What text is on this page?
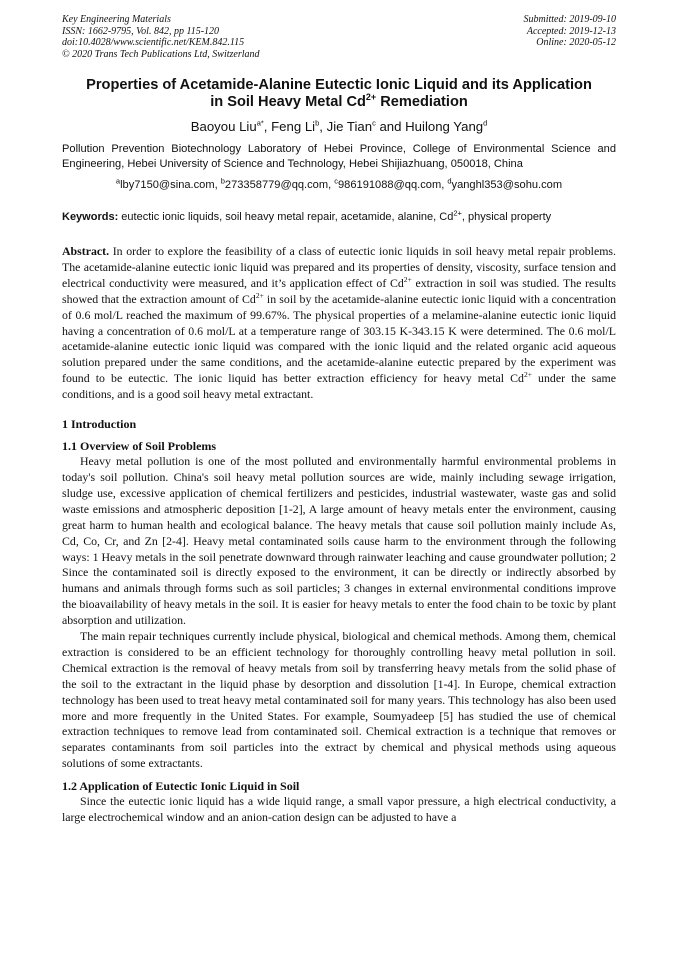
Key Engineering Materials
ISSN: 1662-9795, Vol. 842, pp 115-120
doi:10.4028/www.scientific.net/KEM.842.115
© 2020 Trans Tech Publications Ltd, Switzerland
Submitted: 2019-09-10
Accepted: 2019-12-13
Online: 2020-05-12
Properties of Acetamide-Alanine Eutectic Ionic Liquid and its Application
in Soil Heavy Metal $Cd^{2+}$ Remediation
Baoyou Liu$^{a*}$, Feng Li$^b$, Jie Tian$^c$ and Huilong Yang$^d$
Pollution Prevention Biotechnology Laboratory of Hebei Province, College of Environmental Science and Engineering, Hebei University of Science and Technology, Hebei Shijiazhuang, 050018, China
$^a$lby7150@sina.com, $^b$273358779@qq.com, $^c$986191088@qq.com, $^d$yanghl353@sohu.com
Keywords: eutectic ionic liquids, soil heavy metal repair, acetamide, alanine, $Cd^{2+}$, physical property
Abstract. In order to explore the feasibility of a class of eutectic ionic liquids in soil heavy metal repair problems. The acetamide-alanine eutectic ionic liquid was prepared and its properties of density, viscosity, surface tension and electrical conductivity were measured, and it’s application effect of $Cd^{2+}$ extraction in soil was studied. The results showed that the extraction amount of $Cd^{2+}$ in soil by the acetamide-alanine eutectic ionic liquid with a concentration of 0.6 mol/L reached the maximum of 99.67%. The physical properties of a melamine-alanine eutectic ionic liquid having a concentration of 0.6 mol/L at a temperature range of 303.15 K-343.15 K were determined. The 0.6 mol/L acetamide-alanine eutectic ionic liquid was compared with the ionic liquid and the related organic acid aqueous solution prepared under the same conditions, and the acetamide-alanine eutectic prepared by the experiment was found to be eutectic. The ionic liquid has better extraction efficiency for heavy metal $Cd^{2+}$ under the same conditions, and is a good soil heavy metal extractant.
1 Introduction
1.1 Overview of Soil Problems

Heavy metal pollution is one of the most polluted and environmentally harmful environmental problems in today's soil pollution. China's soil heavy metal pollution sources are wide, mainly including sewage irrigation, sludge use, excessive application of chemical fertilizers and pesticides, industrial wastewater, waste gas and solid waste emissions and atmospheric deposition [1-2], A large amount of heavy metals enter the environment, causing great harm to human health and ecological balance. The heavy metals that cause soil pollution mainly include As, Cd, Co, Cr, and Zn [2-4]. Heavy metal contaminated soils cause harm to the environment through the following ways: 1 Heavy metals in the soil penetrate downward through rainwater leaching and cause groundwater pollution; 2 Since the contaminated soil is directly exposed to the environment, it can be directly or indirectly absorbed by humans and animals through forms such as soil particles; 3 changes in external environmental conditions improve the bioavailability of heavy metals in the soil. It is easier for heavy metals to enter the food chain to be toxic by plant absorption and utilization.

The main repair techniques currently include physical, biological and chemical methods. Among them, chemical extraction is considered to be an efficient technology for thoroughly controlling heavy metal pollution in soil. Chemical extraction is the removal of heavy metals from soil by transferring heavy metals from the solid phase of the soil to the extractant in the liquid phase by desorption and dissolution [1-4]. In Europe, chemical extraction technology has been used to treat heavy metal contaminated soil for many years. This technology has also been used more and more frequently in the United States. For example, Soumyadeep [5] has studied the use of chemical extraction techniques to remove lead from contaminated soil. Chemical extraction is a technique that removes or separates contaminants from soil particles into the extract by chemical and physical methods using aqueous solutions of some extractants.

1.2 Application of Eutectic Ionic Liquid in Soil

Since the eutectic ionic liquid has a wide liquid range, a small vapor pressure, a high electrical conductivity, a large electrochemical window and an anion-cation design can be adjusted to have a
